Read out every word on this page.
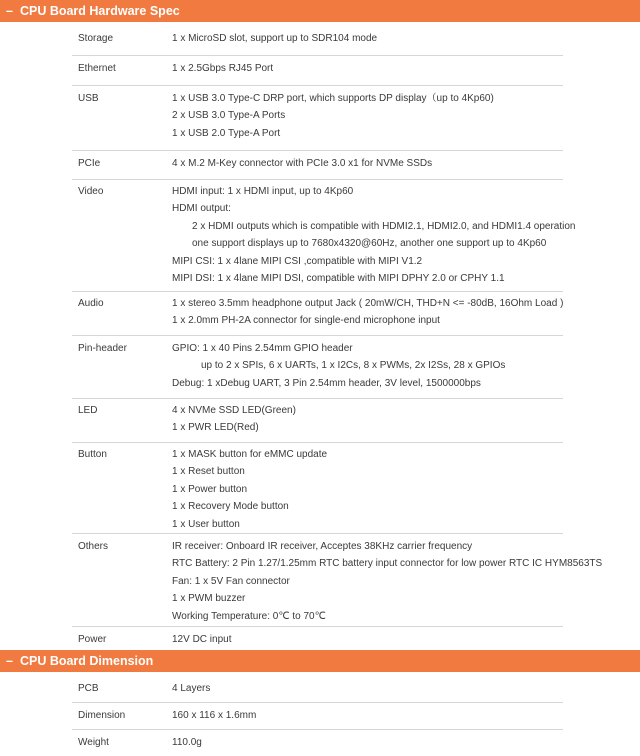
– CPU Board Hardware Spec
Storage	1 x MicroSD slot, support up to SDR104 mode
Ethernet	1 x 2.5Gbps RJ45 Port
USB	1 x USB 3.0 Type-C DRP port, which supports DP display（up to 4Kp60)
2 x USB 3.0 Type-A Ports
1 x USB 2.0 Type-A Port
PCIe	4 x M.2 M-Key connector with PCIe 3.0 x1 for NVMe SSDs
Video	HDMI input: 1 x HDMI input, up to 4Kp60
HDMI output:
2 x HDMI outputs which is compatible with HDMI2.1, HDMI2.0, and HDMI1.4 operation
one support displays up to 7680x4320@60Hz, another one support up to 4Kp60
MIPI CSI: 1 x 4lane MIPI CSI ,compatible with MIPI V1.2
MIPI DSI: 1 x 4lane MIPI DSI, compatible with MIPI DPHY 2.0 or CPHY 1.1
Audio	1 x stereo 3.5mm headphone output Jack ( 20mW/CH, THD+N <= -80dB, 16Ohm Load )
1 x 2.0mm PH-2A connector for single-end microphone input
Pin-header	GPIO: 1 x 40 Pins 2.54mm GPIO header
up to 2 x SPIs, 6 x UARTs, 1 x I2Cs, 8 x PWMs, 2x I2Ss, 28 x GPIOs
Debug: 1 xDebug UART, 3 Pin 2.54mm header, 3V level, 1500000bps
LED	4 x NVMe SSD LED(Green)
1 x PWR LED(Red)
Button	1 x MASK button for eMMC update
1 x Reset button
1 x Power button
1 x Recovery Mode button
1 x User button
Others	IR receiver: Onboard IR receiver, Acceptes 38KHz carrier frequency
RTC Battery: 2 Pin 1.27/1.25mm RTC battery input connector for low power RTC IC HYM8563TS
Fan: 1 x 5V Fan connector
1 x PWM buzzer
Working Temperature: 0℃ to 70℃
Power	12V DC input
– CPU Board Dimension
PCB	4 Layers
Dimension	160 x 116 x 1.6mm
Weight	110.0g
